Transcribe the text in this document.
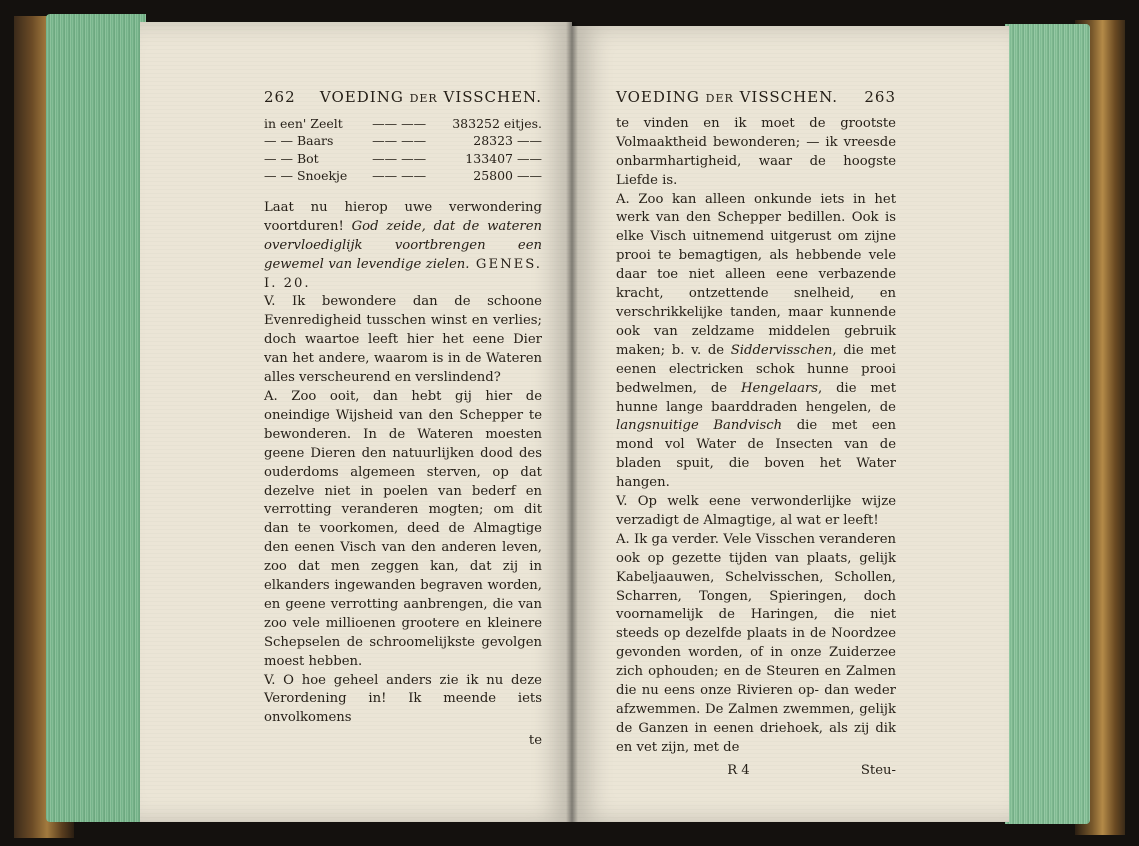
262 VOEDING DER VISSCHEN.
in een' Zeelt	—— ——	383252 eitjes.
— — Baars	—— ——	28323 ——
— — Bot	—— ——	133407 ——
— — Snoekje	—— ——	25800 ——

Laat nu hierop uwe verwondering voortduren! God zeide, dat de wateren overvloediglijk voortbrengen een gewemel van levendige zielen. GENES. I. 20.

V. Ik bewondere dan de schoone Evenredigheid tusschen winst en verlies; doch waartoe leeft hier het eene Dier van het andere, waarom is in de Wateren alles verscheurend en verslindend?

A. Zoo ooit, dan hebt gij hier de oneindige Wijsheid van den Schepper te bewonderen. In de Wateren moesten geene Dieren den natuurlijken dood des ouderdoms algemeen sterven, op dat dezelve niet in poelen van bederf en verrotting veranderen mogten; om dit dan te voorkomen, deed de Almagtige den eenen Visch van den anderen leven, zoo dat men zeggen kan, dat zij in elkanders ingewanden begraven worden, en geene verrotting aanbrengen, die van zoo vele millioenen grootere en kleinere Schepselen de schroomelijkste gevolgen moest hebben.

V. O hoe geheel anders zie ik nu deze Verordening in! Ik meende iets onvolkomens

te
VOEDING DER VISSCHEN. 263

te vinden en ik moet de grootste Volmaaktheid bewonderen; — ik vreesde onbarmhartigheid, waar de hoogste Liefde is.

A. Zoo kan alleen onkunde iets in het werk van den Schepper bedillen. Ook is elke Visch uitnemend uitgerust om zijne prooi te bemagtigen, als hebbende vele daar toe niet alleen eene verbazende kracht, ontzettende snelheid, en verschrikkelijke tanden, maar kunnende ook van zeldzame middelen gebruik maken; b. v. de Siddervisschen, die met eenen electricken schok hunne prooi bedwelmen, de Hengelaars, die met hunne lange baarddraden hengelen, de langsnuitige Bandvisch die met een mond vol Water de Insecten van de bladen spuit, die boven het Water hangen.

V. Op welk eene verwonderlijke wijze verzadigt de Almagtige, al wat er leeft!

A. Ik ga verder. Vele Visschen veranderen ook op gezette tijden van plaats, gelijk Kabeljaauwen, Schelvisschen, Schollen, Scharren, Tongen, Spieringen, doch voornamelijk de Haringen, die niet steeds op dezelfde plaats in de Noordzee gevonden worden, of in onze Zuiderzee zich ophouden; en de Steuren en Zalmen die nu eens onze Rivieren op- dan weder afzwemmen. De Zalmen zwemmen, gelijk de Ganzen in eenen driehoek, als zij dik en vet zijn, met de

R 4	Steu-
